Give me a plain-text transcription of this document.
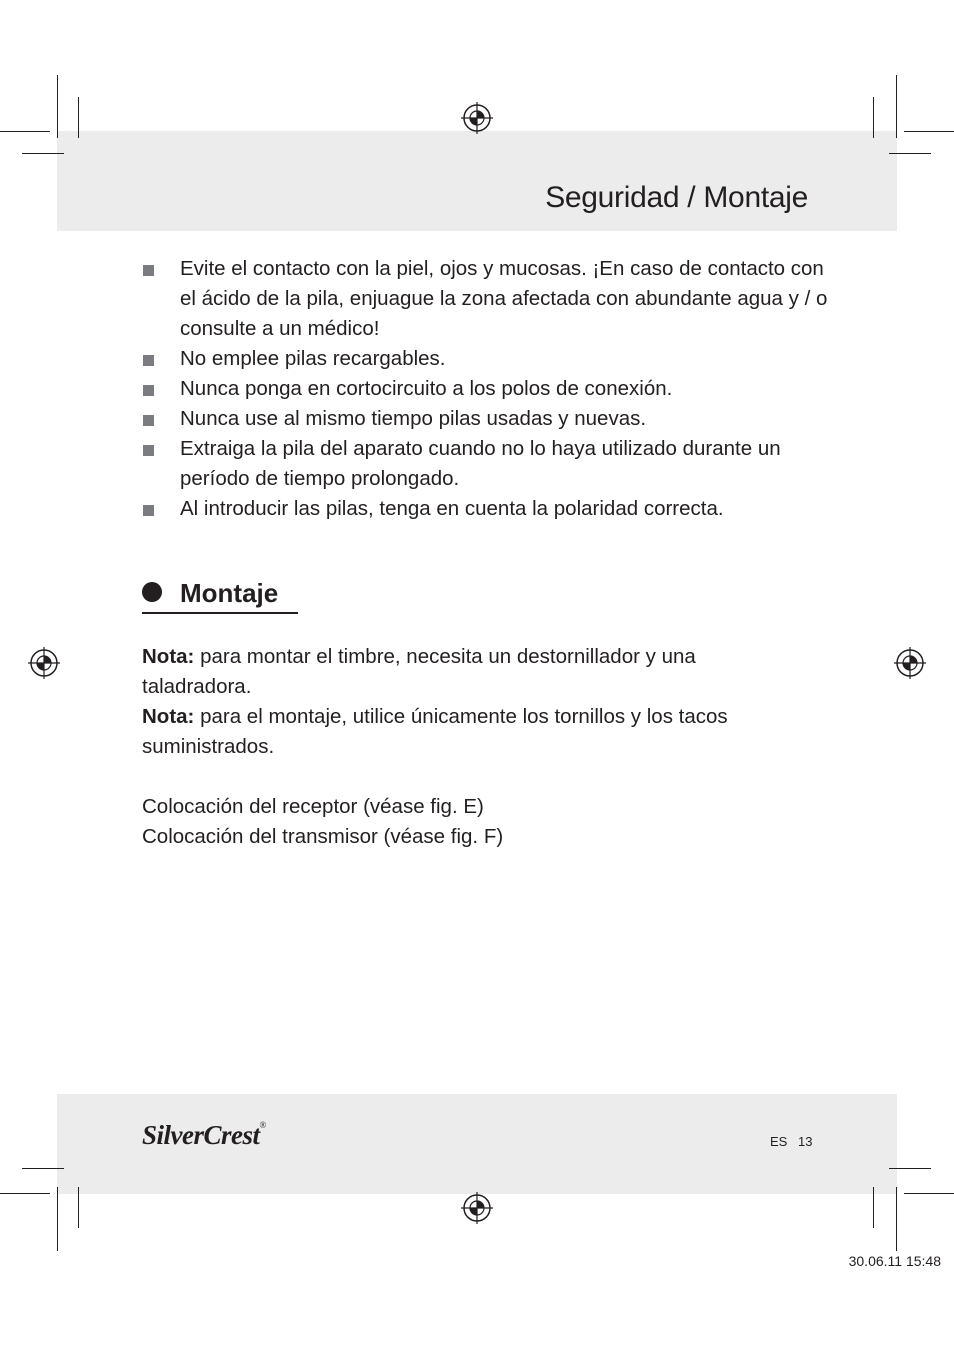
Seguridad / Montaje
Evite el contacto con la piel, ojos y mucosas. ¡En caso de contacto con el ácido de la pila, enjuague la zona afectada con abundante agua y / o consulte a un médico!
No emplee pilas recargables.
Nunca ponga en cortocircuito a los polos de conexión.
Nunca use al mismo tiempo pilas usadas y nuevas.
Extraiga la pila del aparato cuando no lo haya utilizado durante un período de tiempo prolongado.
Al introducir las pilas, tenga en cuenta la polaridad correcta.
Montaje

Nota: para montar el timbre, necesita un destornillador y una taladradora.

Nota: para el montaje, utilice únicamente los tornillos y los tacos suministrados.

Colocación del receptor (véase fig. E)

Colocación del transmisor (véase fig. F)

SilverCrest®
ES 13
30.06.11 15:48
